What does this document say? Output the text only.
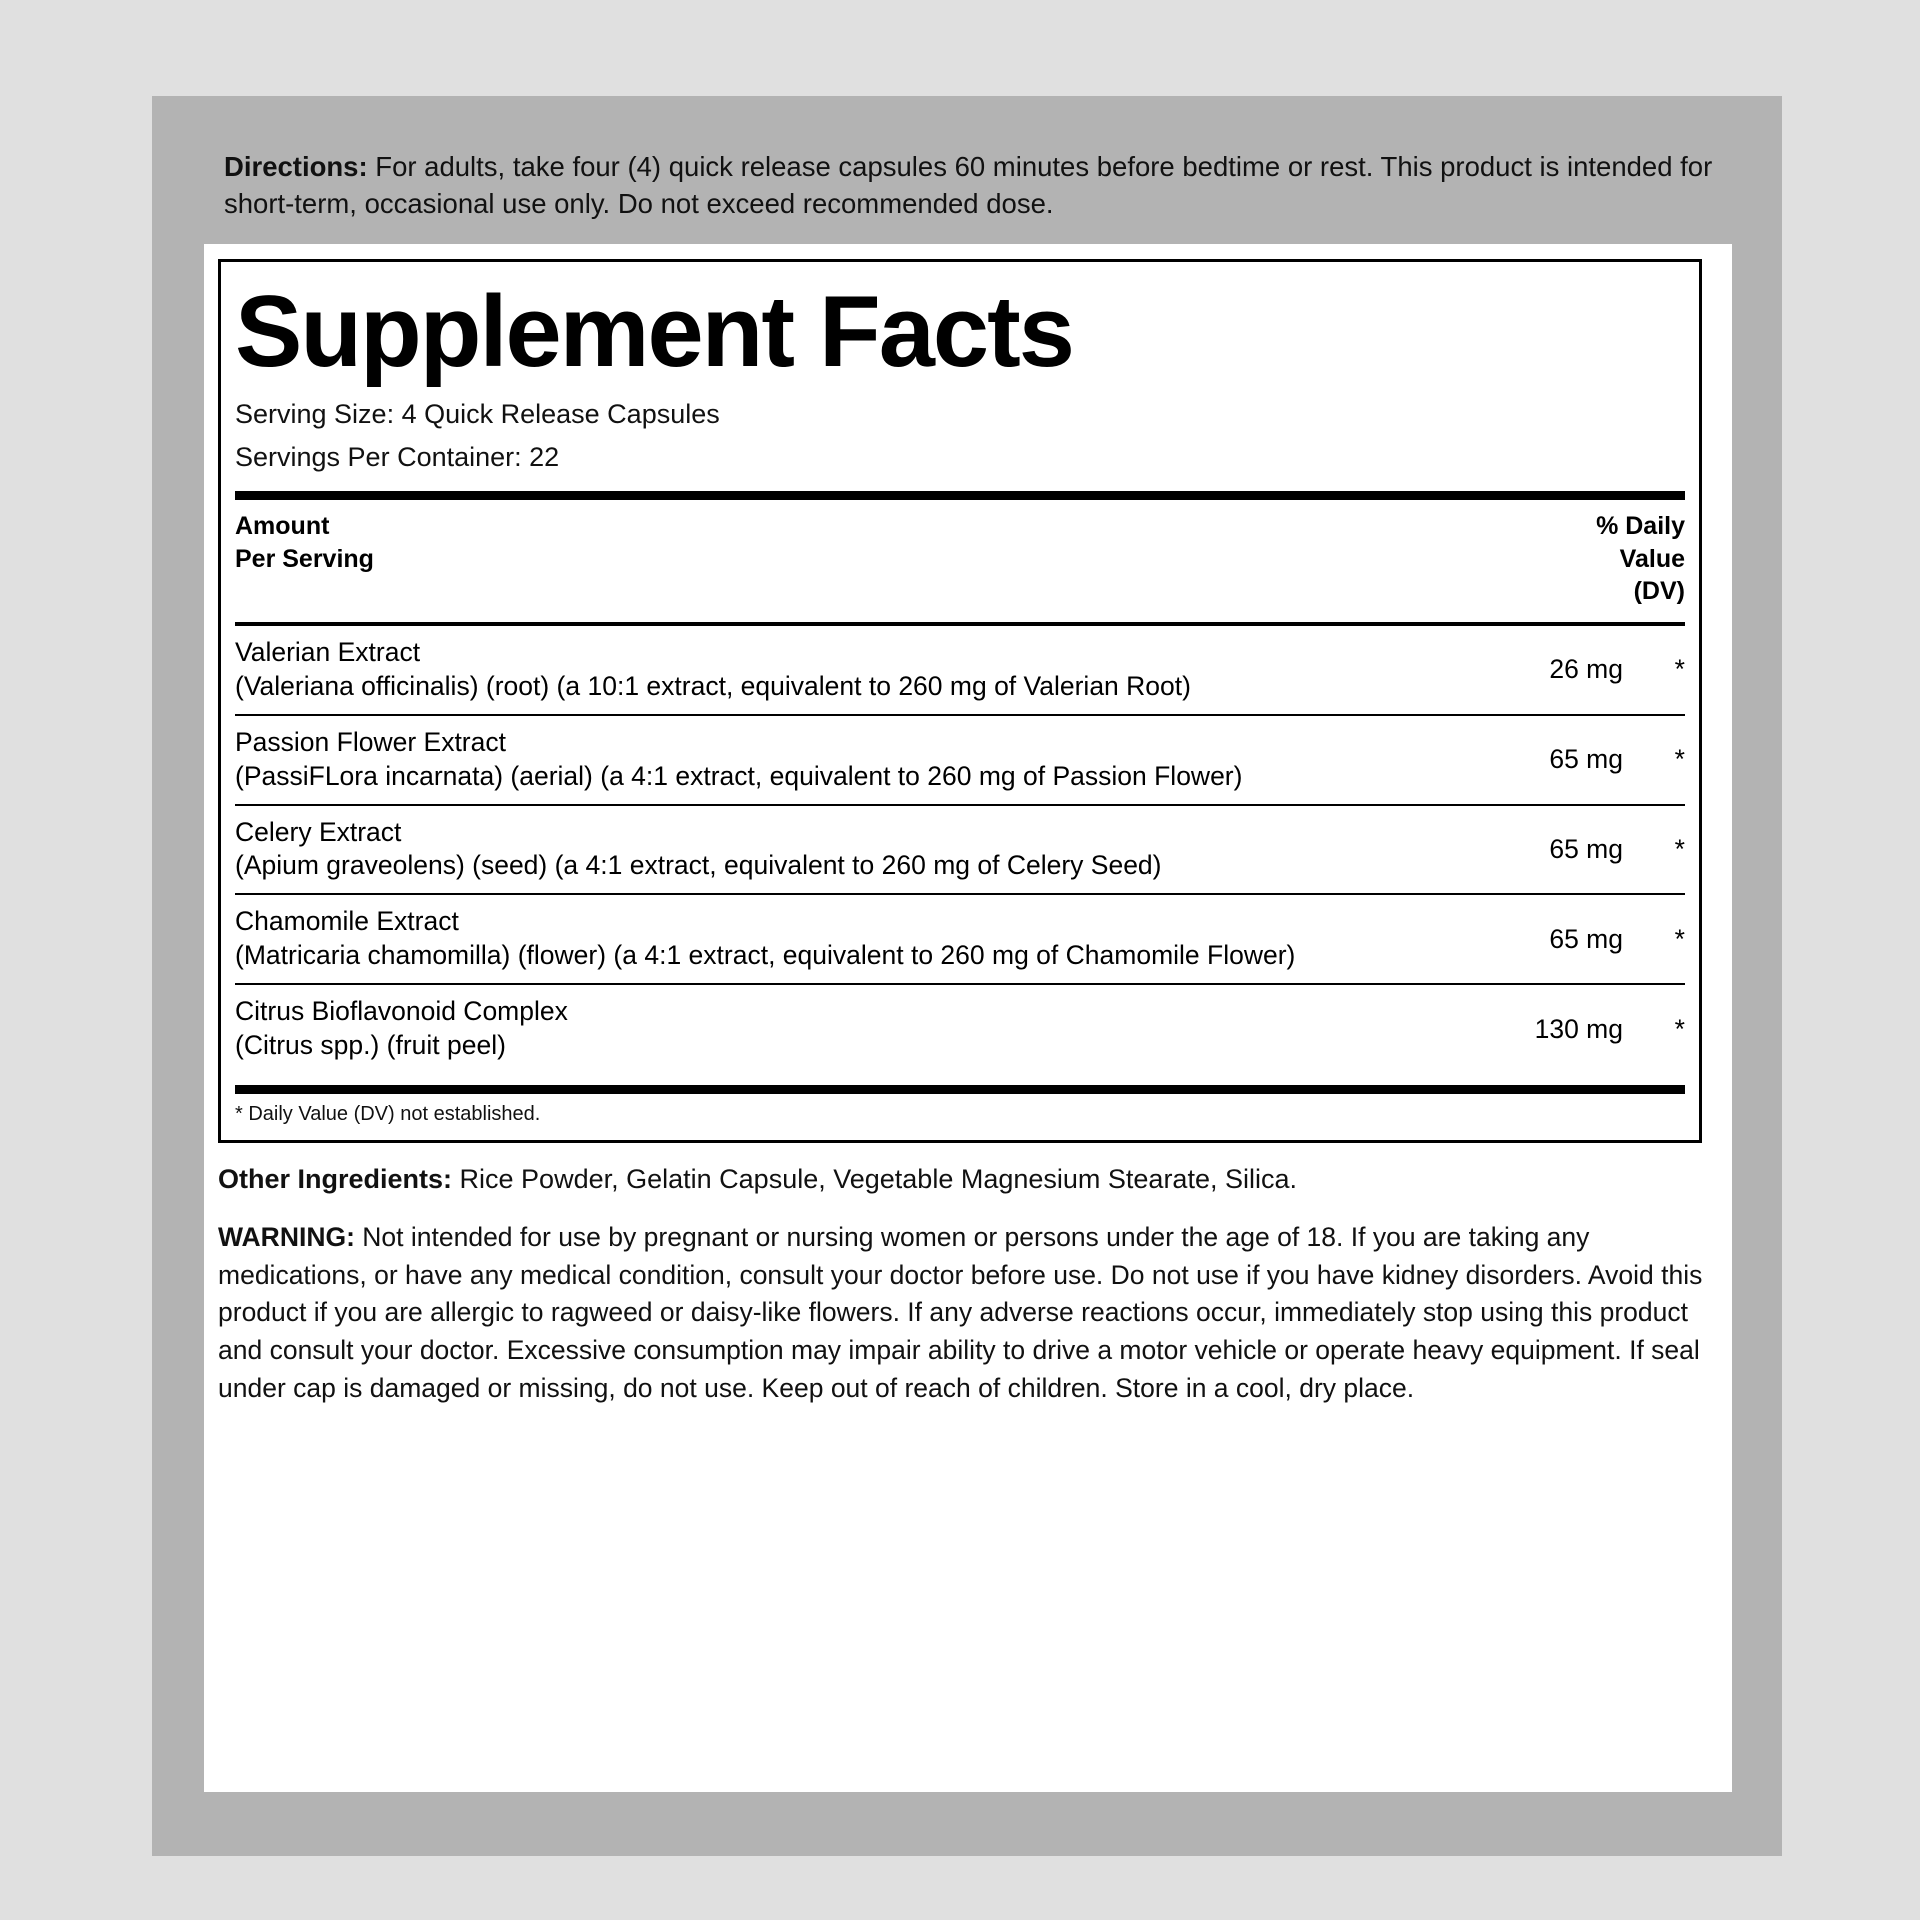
Directions: For adults, take four (4) quick release capsules 60 minutes before bedtime or rest. This product is intended for short-term, occasional use only. Do not exceed recommended dose.
Supplement Facts
Serving Size: 4 Quick Release Capsules
Servings Per Container: 22
Amount
Per Serving
% Daily
Value
(DV)
Valerian Extract
(Valeriana officinalis) (root) (a 10:1 extract, equivalent to 260 mg of Valerian Root)
26 mg	*
Passion Flower Extract
(PassiFLora incarnata) (aerial) (a 4:1 extract, equivalent to 260 mg of Passion Flower)
65 mg	*
Celery Extract
(Apium graveolens) (seed) (a 4:1 extract, equivalent to 260 mg of Celery Seed)
65 mg	*
Chamomile Extract
(Matricaria chamomilla) (flower) (a 4:1 extract, equivalent to 260 mg of Chamomile Flower)
65 mg	*
Citrus Bioflavonoid Complex
(Citrus spp.) (fruit peel)
130 mg	*
* Daily Value (DV) not established.
Other Ingredients: Rice Powder, Gelatin Capsule, Vegetable Magnesium Stearate, Silica.
WARNING: Not intended for use by pregnant or nursing women or persons under the age of 18. If you are taking any medications, or have any medical condition, consult your doctor before use. Do not use if you have kidney disorders. Avoid this product if you are allergic to ragweed or daisy-like flowers. If any adverse reactions occur, immediately stop using this product and consult your doctor. Excessive consumption may impair ability to drive a motor vehicle or operate heavy equipment. If seal under cap is damaged or missing, do not use. Keep out of reach of children. Store in a cool, dry place.
